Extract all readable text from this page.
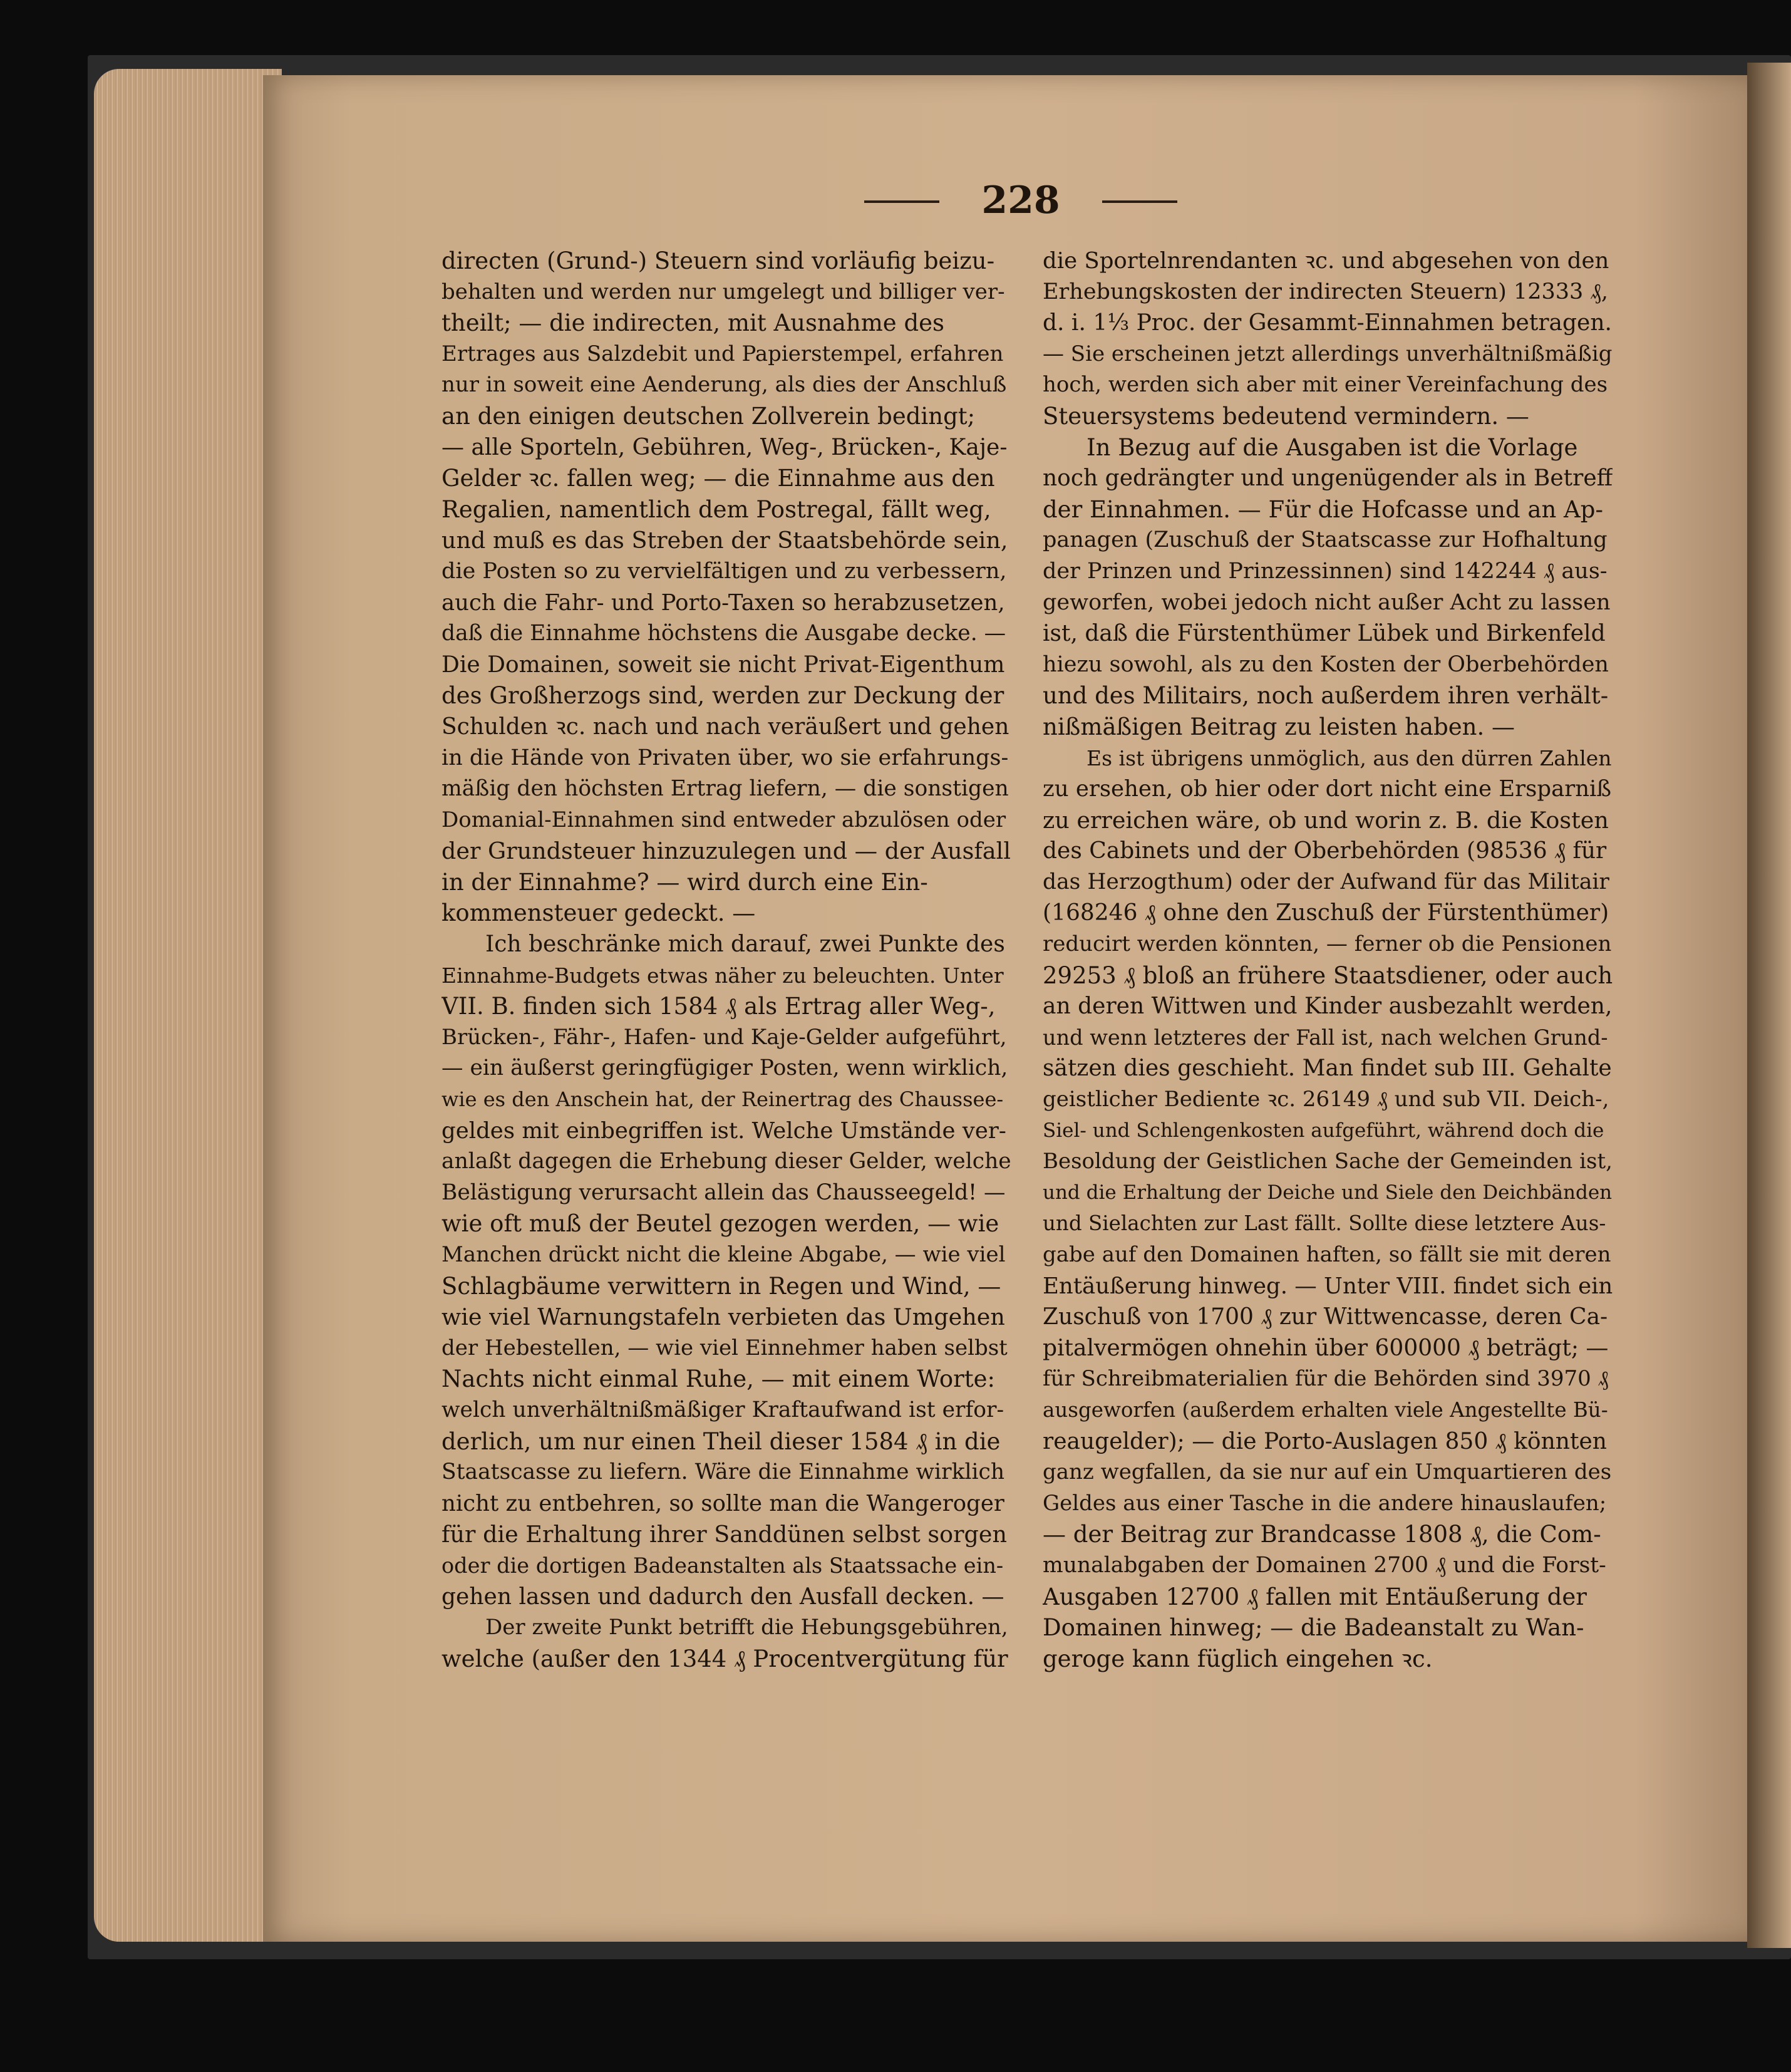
228
directen (Grund-) Steuern sind vorläufig beizu-
behalten und werden nur umgelegt und billiger ver-
theilt; — die indirecten, mit Ausnahme des
Ertrages aus Salzdebit und Papierstempel, erfahren
nur in soweit eine Aenderung, als dies der Anschluß
an den einigen deutschen Zollverein bedingt;
— alle Sporteln, Gebühren, Weg-, Brücken-, Kaje-
Gelder ꝛc. fallen weg; — die Einnahme aus den
Regalien, namentlich dem Postregal, fällt weg,
und muß es das Streben der Staatsbehörde sein,
die Posten so zu vervielfältigen und zu verbessern,
auch die Fahr- und Porto-Taxen so herabzusetzen,
daß die Einnahme höchstens die Ausgabe decke. —
Die Domainen, soweit sie nicht Privat-Eigenthum
des Großherzogs sind, werden zur Deckung der
Schulden ꝛc. nach und nach veräußert und gehen
in die Hände von Privaten über, wo sie erfahrungs-
mäßig den höchsten Ertrag liefern, — die sonstigen
Domanial-Einnahmen sind entweder abzulösen oder
der Grundsteuer hinzuzulegen und — der Ausfall
in der Einnahme? — wird durch eine Ein-
kommensteuer gedeckt. —
Ich beschränke mich darauf, zwei Punkte des
Einnahme-Budgets etwas näher zu beleuchten. Unter
VII. B. finden sich 1584 ₰ als Ertrag aller Weg-,
Brücken-, Fähr-, Hafen- und Kaje-Gelder aufgeführt,
— ein äußerst geringfügiger Posten, wenn wirklich,
wie es den Anschein hat, der Reinertrag des Chaussee-
geldes mit einbegriffen ist. Welche Umstände ver-
anlaßt dagegen die Erhebung dieser Gelder, welche
Belästigung verursacht allein das Chausseegeld! —
wie oft muß der Beutel gezogen werden, — wie
Manchen drückt nicht die kleine Abgabe, — wie viel
Schlagbäume verwittern in Regen und Wind, —
wie viel Warnungstafeln verbieten das Umgehen
der Hebestellen, — wie viel Einnehmer haben selbst
Nachts nicht einmal Ruhe, — mit einem Worte:
welch unverhältnißmäßiger Kraftaufwand ist erfor-
derlich, um nur einen Theil dieser 1584 ₰ in die
Staatscasse zu liefern. Wäre die Einnahme wirklich
nicht zu entbehren, so sollte man die Wangeroger
für die Erhaltung ihrer Sanddünen selbst sorgen
oder die dortigen Badeanstalten als Staatssache ein-
gehen lassen und dadurch den Ausfall decken. —
Der zweite Punkt betrifft die Hebungsgebühren,
welche (außer den 1344 ₰ Procentvergütung für
die Sportelnrendanten ꝛc. und abgesehen von den
Erhebungskosten der indirecten Steuern) 12333 ₰,
d. i. 1⅓ Proc. der Gesammt-Einnahmen betragen.
— Sie erscheinen jetzt allerdings unverhältnißmäßig
hoch, werden sich aber mit einer Vereinfachung des
Steuersystems bedeutend vermindern. —
In Bezug auf die Ausgaben ist die Vorlage
noch gedrängter und ungenügender als in Betreff
der Einnahmen. — Für die Hofcasse und an Ap-
panagen (Zuschuß der Staatscasse zur Hofhaltung
der Prinzen und Prinzessinnen) sind 142244 ₰ aus-
geworfen, wobei jedoch nicht außer Acht zu lassen
ist, daß die Fürstenthümer Lübek und Birkenfeld
hiezu sowohl, als zu den Kosten der Oberbehörden
und des Militairs, noch außerdem ihren verhält-
nißmäßigen Beitrag zu leisten haben. —
Es ist übrigens unmöglich, aus den dürren Zahlen
zu ersehen, ob hier oder dort nicht eine Ersparniß
zu erreichen wäre, ob und worin z. B. die Kosten
des Cabinets und der Oberbehörden (98536 ₰ für
das Herzogthum) oder der Aufwand für das Militair
(168246 ₰ ohne den Zuschuß der Fürstenthümer)
reducirt werden könnten, — ferner ob die Pensionen
29253 ₰ bloß an frühere Staatsdiener, oder auch
an deren Wittwen und Kinder ausbezahlt werden,
und wenn letzteres der Fall ist, nach welchen Grund-
sätzen dies geschieht. Man findet sub III. Gehalte
geistlicher Bediente ꝛc. 26149 ₰ und sub VII. Deich-,
Siel- und Schlengenkosten aufgeführt, während doch die
Besoldung der Geistlichen Sache der Gemeinden ist,
und die Erhaltung der Deiche und Siele den Deichbänden
und Sielachten zur Last fällt. Sollte diese letztere Aus-
gabe auf den Domainen haften, so fällt sie mit deren
Entäußerung hinweg. — Unter VIII. findet sich ein
Zuschuß von 1700 ₰ zur Wittwencasse, deren Ca-
pitalvermögen ohnehin über 600000 ₰ beträgt; —
für Schreibmaterialien für die Behörden sind 3970 ₰
ausgeworfen (außerdem erhalten viele Angestellte Bü-
reaugelder); — die Porto-Auslagen 850 ₰ könnten
ganz wegfallen, da sie nur auf ein Umquartieren des
Geldes aus einer Tasche in die andere hinauslaufen;
— der Beitrag zur Brandcasse 1808 ₰, die Com-
munalabgaben der Domainen 2700 ₰ und die Forst-
Ausgaben 12700 ₰ fallen mit Entäußerung der
Domainen hinweg; — die Badeanstalt zu Wan-
geroge kann füglich eingehen ꝛc.
